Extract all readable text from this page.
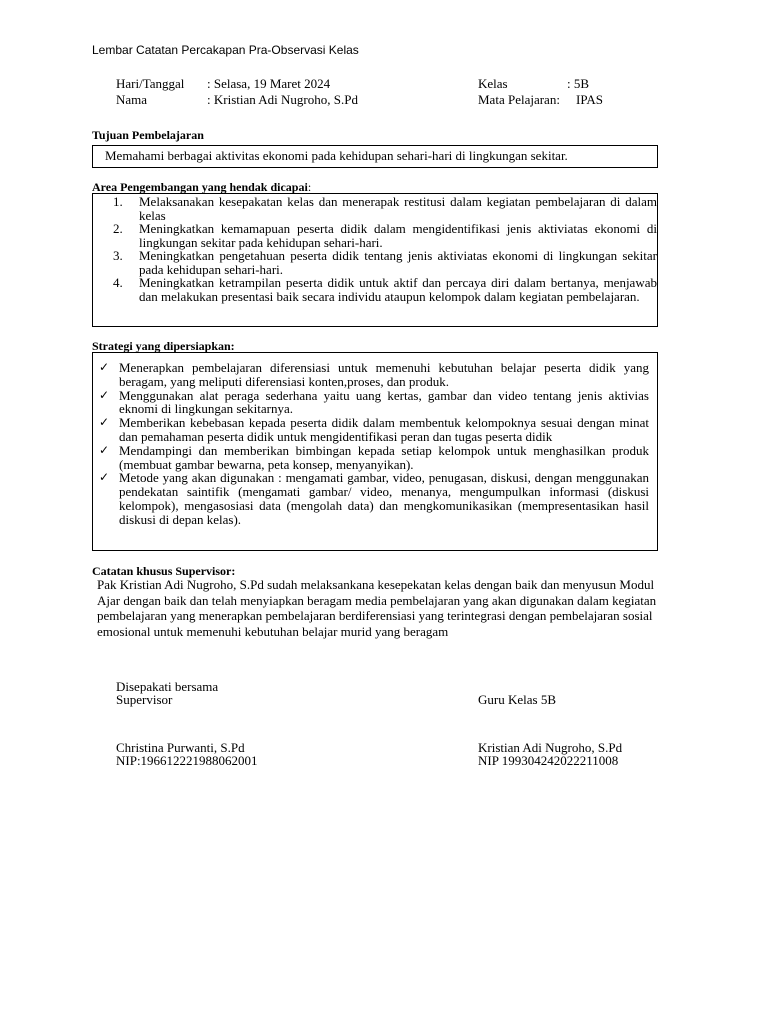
Lembar Catatan Percakapan Pra-Observasi Kelas
Hari/Tanggal : Selasa, 19 Maret 2024
Nama	: Kristian Adi Nugroho, S.Pd
Kelas	: 5B
Mata Pelajaran: IPAS
Tujuan Pembelajaran
Memahami berbagai aktivitas ekonomi pada kehidupan sehari-hari di lingkungan sekitar.
Area Pengembangan yang hendak dicapai:
1.	Melaksanakan kesepakatan kelas dan menerapak restitusi dalam kegiatan pembelajaran di dalam kelas
2.	Meningkatkan kemamapuan peserta didik dalam mengidentifikasi jenis aktiviatas ekonomi di lingkungan sekitar pada kehidupan sehari-hari.
3.	Meningkatkan pengetahuan peserta didik tentang jenis aktiviatas ekonomi di lingkungan sekitar pada kehidupan sehari-hari.
4.	Meningkatkan ketrampilan peserta didik untuk aktif dan percaya diri dalam bertanya, menjawab dan melakukan presentasi baik secara individu ataupun kelompok dalam kegiatan pembelajaran.
Strategi yang dipersiapkan:
✓ Menerapkan pembelajaran diferensiasi untuk memenuhi kebutuhan belajar peserta didik yang beragam, yang meliputi diferensiasi konten,proses, dan produk.
✓ Menggunakan alat peraga sederhana yaitu uang kertas, gambar dan video tentang jenis aktivias eknomi di lingkungan sekitarnya.
✓ Memberikan kebebasan kepada peserta didik dalam membentuk kelompoknya sesuai dengan minat dan pemahaman peserta didik untuk mengidentifikasi peran dan tugas peserta didik
✓ Mendampingi dan memberikan bimbingan kepada setiap kelompok untuk menghasilkan produk (membuat gambar bewarna, peta konsep, menyanyikan).
✓ Metode yang akan digunakan : mengamati gambar, video, penugasan, diskusi, dengan menggunakan pendekatan saintifik (mengamati gambar/ video, menanya, mengumpulkan informasi (diskusi kelompok), mengasosiasi data (mengolah data) dan mengkomunikasikan (mempresentasikan hasil diskusi di depan kelas).
Catatan khusus Supervisor:
Pak Kristian Adi Nugroho, S.Pd sudah melaksankana kesepekatan kelas dengan baik dan menyusun Modul Ajar dengan baik dan telah menyiapkan beragam media pembelajaran yang akan digunakan dalam kegiatan pembelajaran yang menerapkan pembelajaran berdiferensiasi yang terintegrasi dengan pembelajaran sosial emosional untuk memenuhi kebutuhan belajar murid yang beragam
Disepakati bersama
Supervisor	Guru Kelas 5B
Christina Purwanti, S.Pd
NIP:196612221988062001
Kristian Adi Nugroho, S.Pd
NIP 199304242022211008
